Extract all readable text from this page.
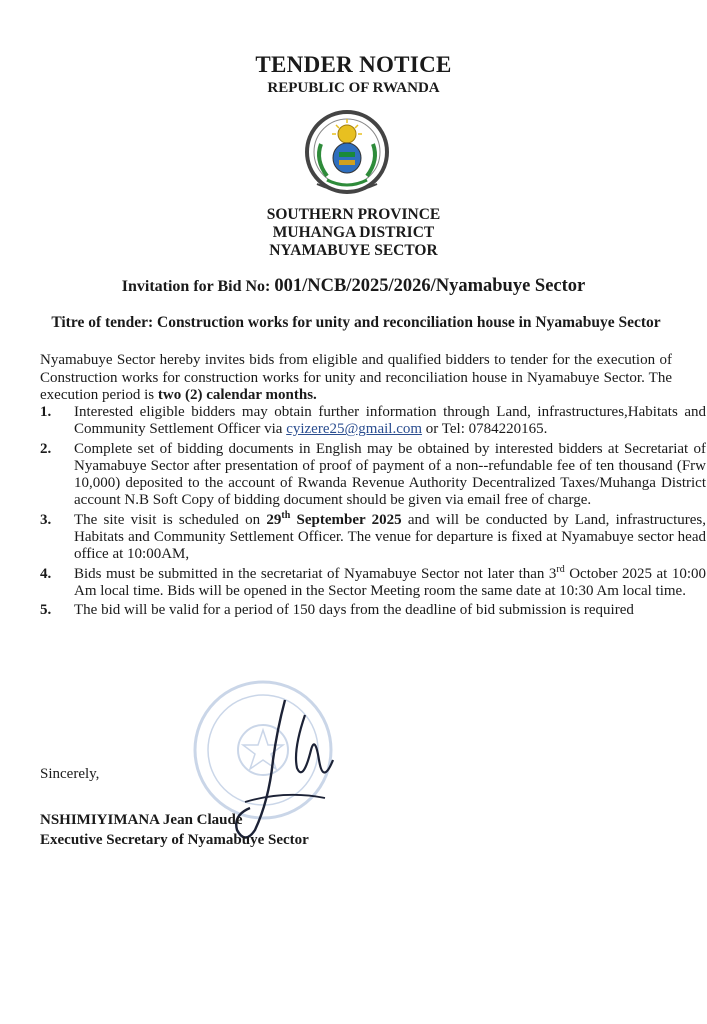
TENDER NOTICE
REPUBLIC OF RWANDA
SOUTHERN PROVINCE
MUHANGA DISTRICT
NYAMABUYE SECTOR
Invitation for Bid No: 001/NCB/2025/2026/Nyamabuye Sector
Titre of tender: Construction works for unity and reconciliation house in Nyamabuye Sector
Nyamabuye Sector hereby invites bids from eligible and qualified bidders to tender for the execution of Construction works for construction works for unity and reconciliation house in Nyamabuye Sector. The execution period is two (2) calendar months.
1. Interested eligible bidders may obtain further information through Land, infrastructures,Habitats and Community Settlement Officer via cyizere25@gmail.com or Tel: 0784220165.
2. Complete set of bidding documents in English may be obtained by interested bidders at Secretariat of Nyamabuye Sector after presentation of proof of payment of a non--refundable fee of ten thousand (Frw 10,000) deposited to the account of Rwanda Revenue Authority Decentralized Taxes/Muhanga District account N.B Soft Copy of bidding document should be given via email free of charge.
3. The site visit is scheduled on 29th September 2025 and will be conducted by Land, infrastructures, Habitats and Community Settlement Officer. The venue for departure is fixed at Nyamabuye sector head office at 10:00AM,
4. Bids must be submitted in the secretariat of Nyamabuye Sector not later than 3rd October 2025 at 10:00 Am local time. Bids will be opened in the Sector Meeting room the same date at 10:30 Am local time.
5. The bid will be valid for a period of 150 days from the deadline of bid submission is required
Sincerely,
NSHIMIYIMANA Jean Claude
Executive Secretary of Nyamabuye Sector
